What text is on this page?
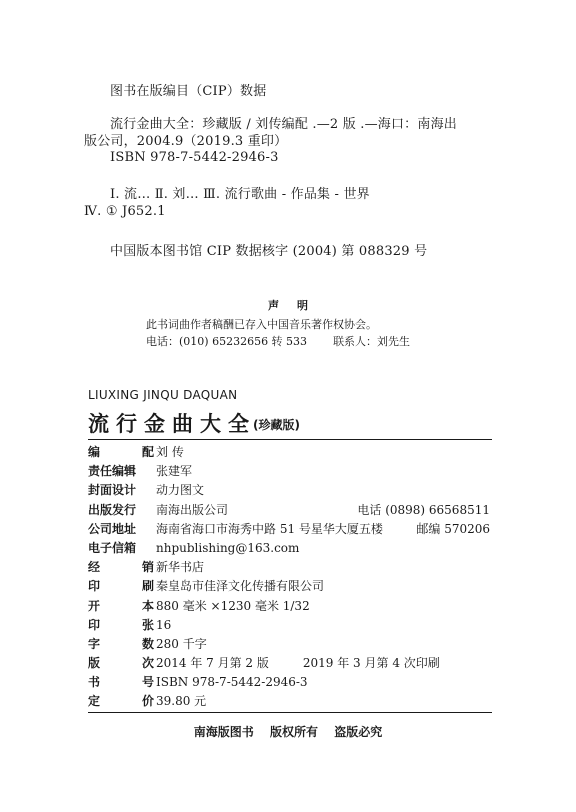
图书在版编目（CIP）数据
流行金曲大全：珍藏版 / 刘传编配 .—2 版 .—海口：南海出
版公司，2004.9（2019.3 重印）
ISBN 978-7-5442-2946-3
Ⅰ. 流… Ⅱ. 刘… Ⅲ. 流行歌曲 - 作品集 - 世界
Ⅳ. ① J652.1
中国版本图书馆 CIP 数据核字 (2004) 第 088329 号
声明
此书词曲作者稿酬已存入中国音乐著作权协会。
电话：(010) 65232656 转 533 联系人：刘先生
LIUXING JINQU DAQUAN
流行金曲大全(珍藏版)
编	配 刘 传
责任编辑 张建军
封面设计 动力图文
出版发行 南海出版公司	电话 (0898) 66568511
公司地址 海南省海口市海秀中路 51 号星华大厦五楼	邮编 570206
电子信箱 nhpublishing@163.com
经	销 新华书店
印	刷 秦皇岛市佳泽文化传播有限公司
开	本 880 毫米 ×1230 毫米 1/32
印	张 16
字	数 280 千字
版	次 2014 年 7 月第 2 版	2019 年 3 月第 4 次印刷
书	号 ISBN 978-7-5442-2946-3
定	价 39.80 元
南海版图书 版权所有 盗版必究
